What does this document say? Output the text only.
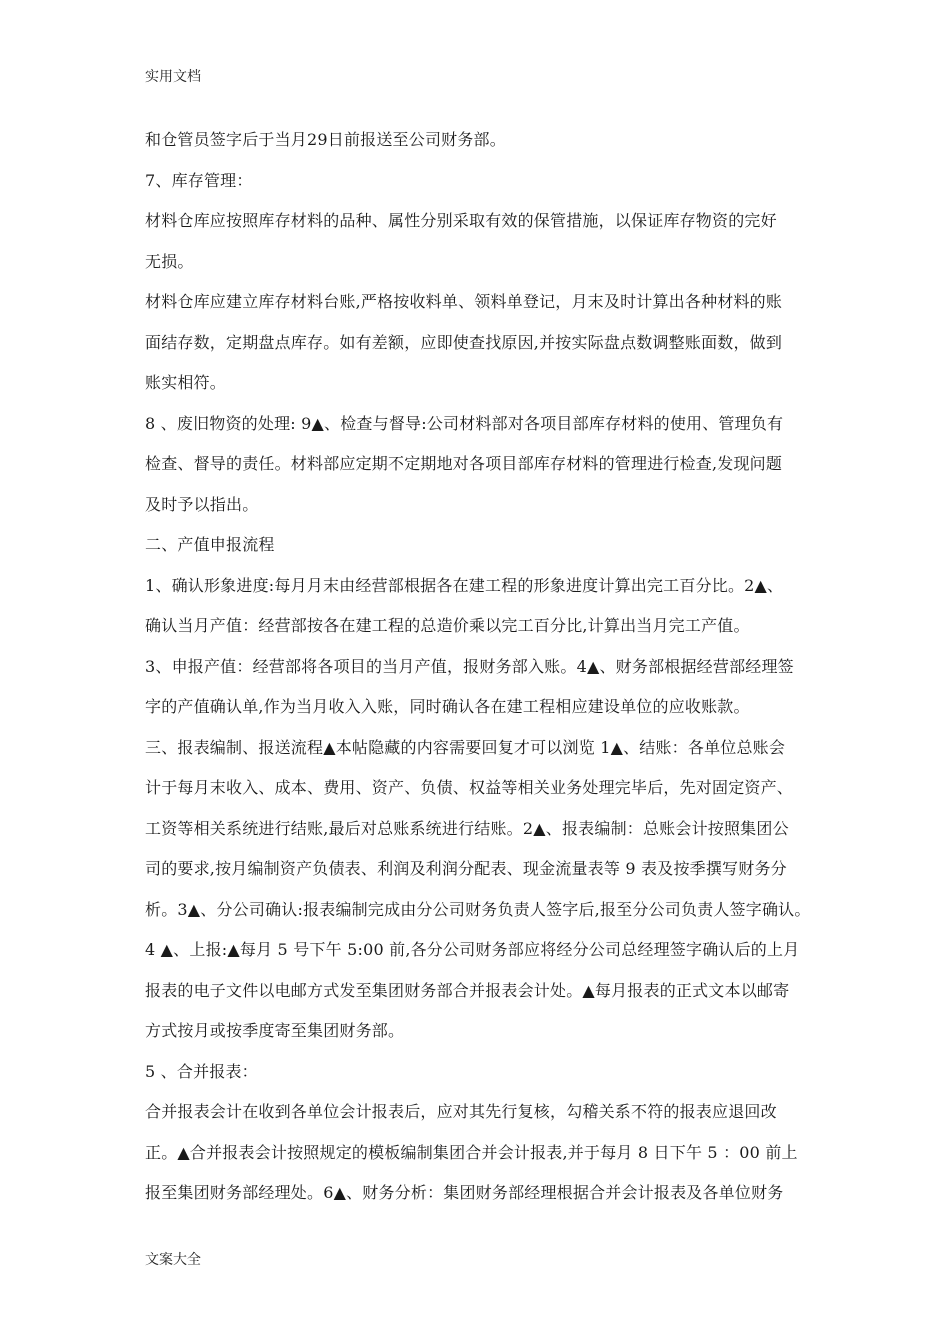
实用文档
和仓管员签字后于当月29日前报送至公司财务部。
7、库存管理：
材料仓库应按照库存材料的品种、属性分别采取有效的保管措施，以保证库存物资的完好
无损。
材料仓库应建立库存材料台账,严格按收料单、领料单登记，月末及时计算出各种材料的账
面结存数，定期盘点库存。如有差额，应即使查找原因,并按实际盘点数调整账面数，做到
账实相符。
8 、废旧物资的处理: 9▲、检查与督导:公司材料部对各项目部库存材料的使用、管理负有
检查、督导的责任。材料部应定期不定期地对各项目部库存材料的管理进行检查,发现问题
及时予以指出。
二、产值申报流程
1、确认形象进度:每月月末由经营部根据各在建工程的形象进度计算出完工百分比。2▲、
确认当月产值：经营部按各在建工程的总造价乘以完工百分比,计算出当月完工产值。
3、申报产值：经营部将各项目的当月产值，报财务部入账。4▲、财务部根据经营部经理签
字的产值确认单,作为当月收入入账，同时确认各在建工程相应建设单位的应收账款。
三、报表编制、报送流程▲本帖隐藏的内容需要回复才可以浏览 1▲、结账：各单位总账会
计于每月末收入、成本、费用、资产、负债、权益等相关业务处理完毕后，先对固定资产、
工资等相关系统进行结账,最后对总账系统进行结账。2▲、报表编制：总账会计按照集团公
司的要求,按月编制资产负债表、利润及利润分配表、现金流量表等 9 表及按季撰写财务分
析。3▲、分公司确认:报表编制完成由分公司财务负责人签字后,报至分公司负责人签字确认。
4 ▲、上报:▲每月 5 号下午 5:00 前,各分公司财务部应将经分公司总经理签字确认后的上月
报表的电子文件以电邮方式发至集团财务部合并报表会计处。▲每月报表的正式文本以邮寄
方式按月或按季度寄至集团财务部。
5 、合并报表：
合并报表会计在收到各单位会计报表后，应对其先行复核，勾稽关系不符的报表应退回改
正。▲合并报表会计按照规定的模板编制集团合并会计报表,并于每月 8 日下午 5 ：00 前上
报至集团财务部经理处。6▲、财务分析：集团财务部经理根据合并会计报表及各单位财务
文案大全
